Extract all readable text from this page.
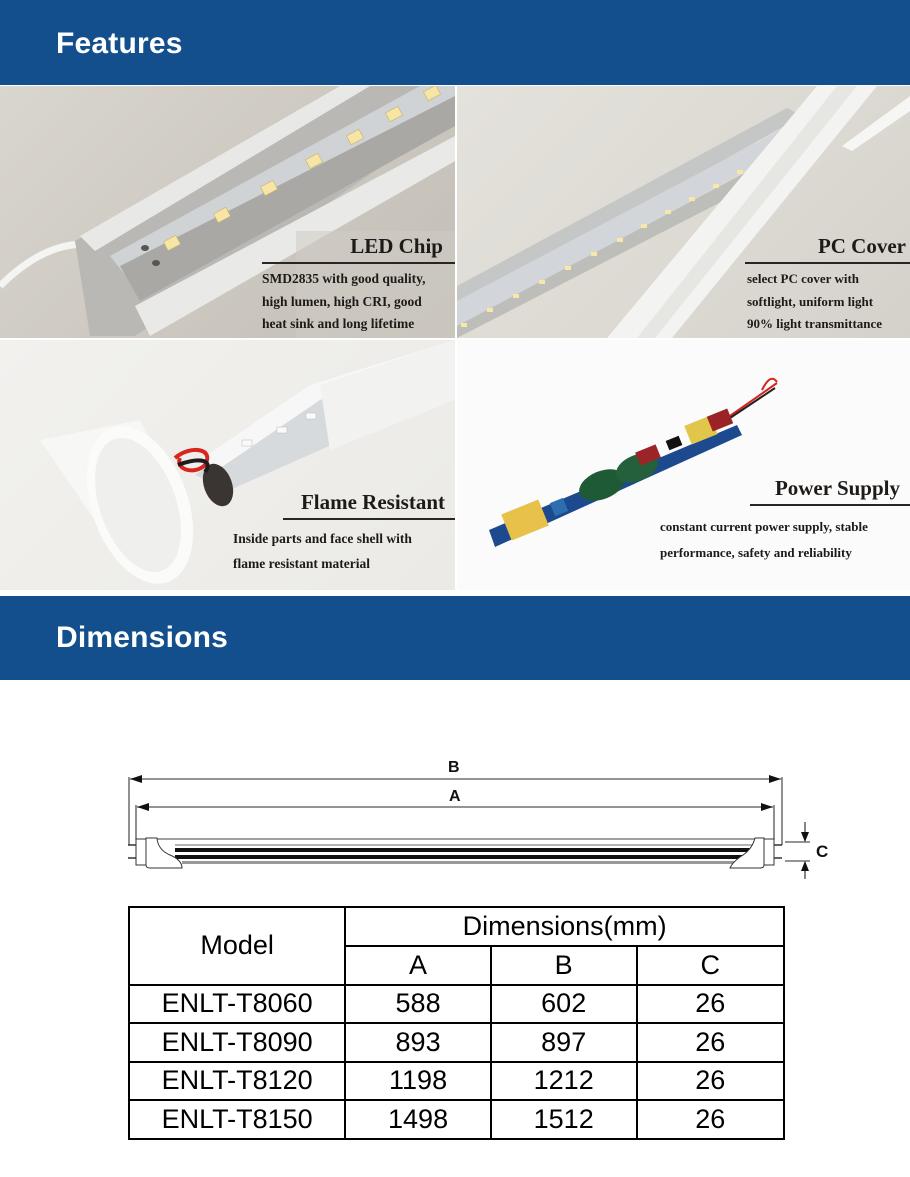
Features
LED Chip
SMD2835 with good quality,
high lumen, high CRI, good
heat sink and long lifetime
PC Cover
select PC cover with
softlight, uniform light
90% light transmittance
Flame Resistant
Inside parts and face shell with
flame resistant material
Power Supply
constant current power supply, stable
performance, safety and reliability
Dimensions
B
A
C
Model	Dimensions(mm)		
	A	B	C
ENLT-T8060	588	602	26
ENLT-T8090	893	897	26
ENLT-T8120	1198	1212	26
ENLT-T8150	1498	1512	26
